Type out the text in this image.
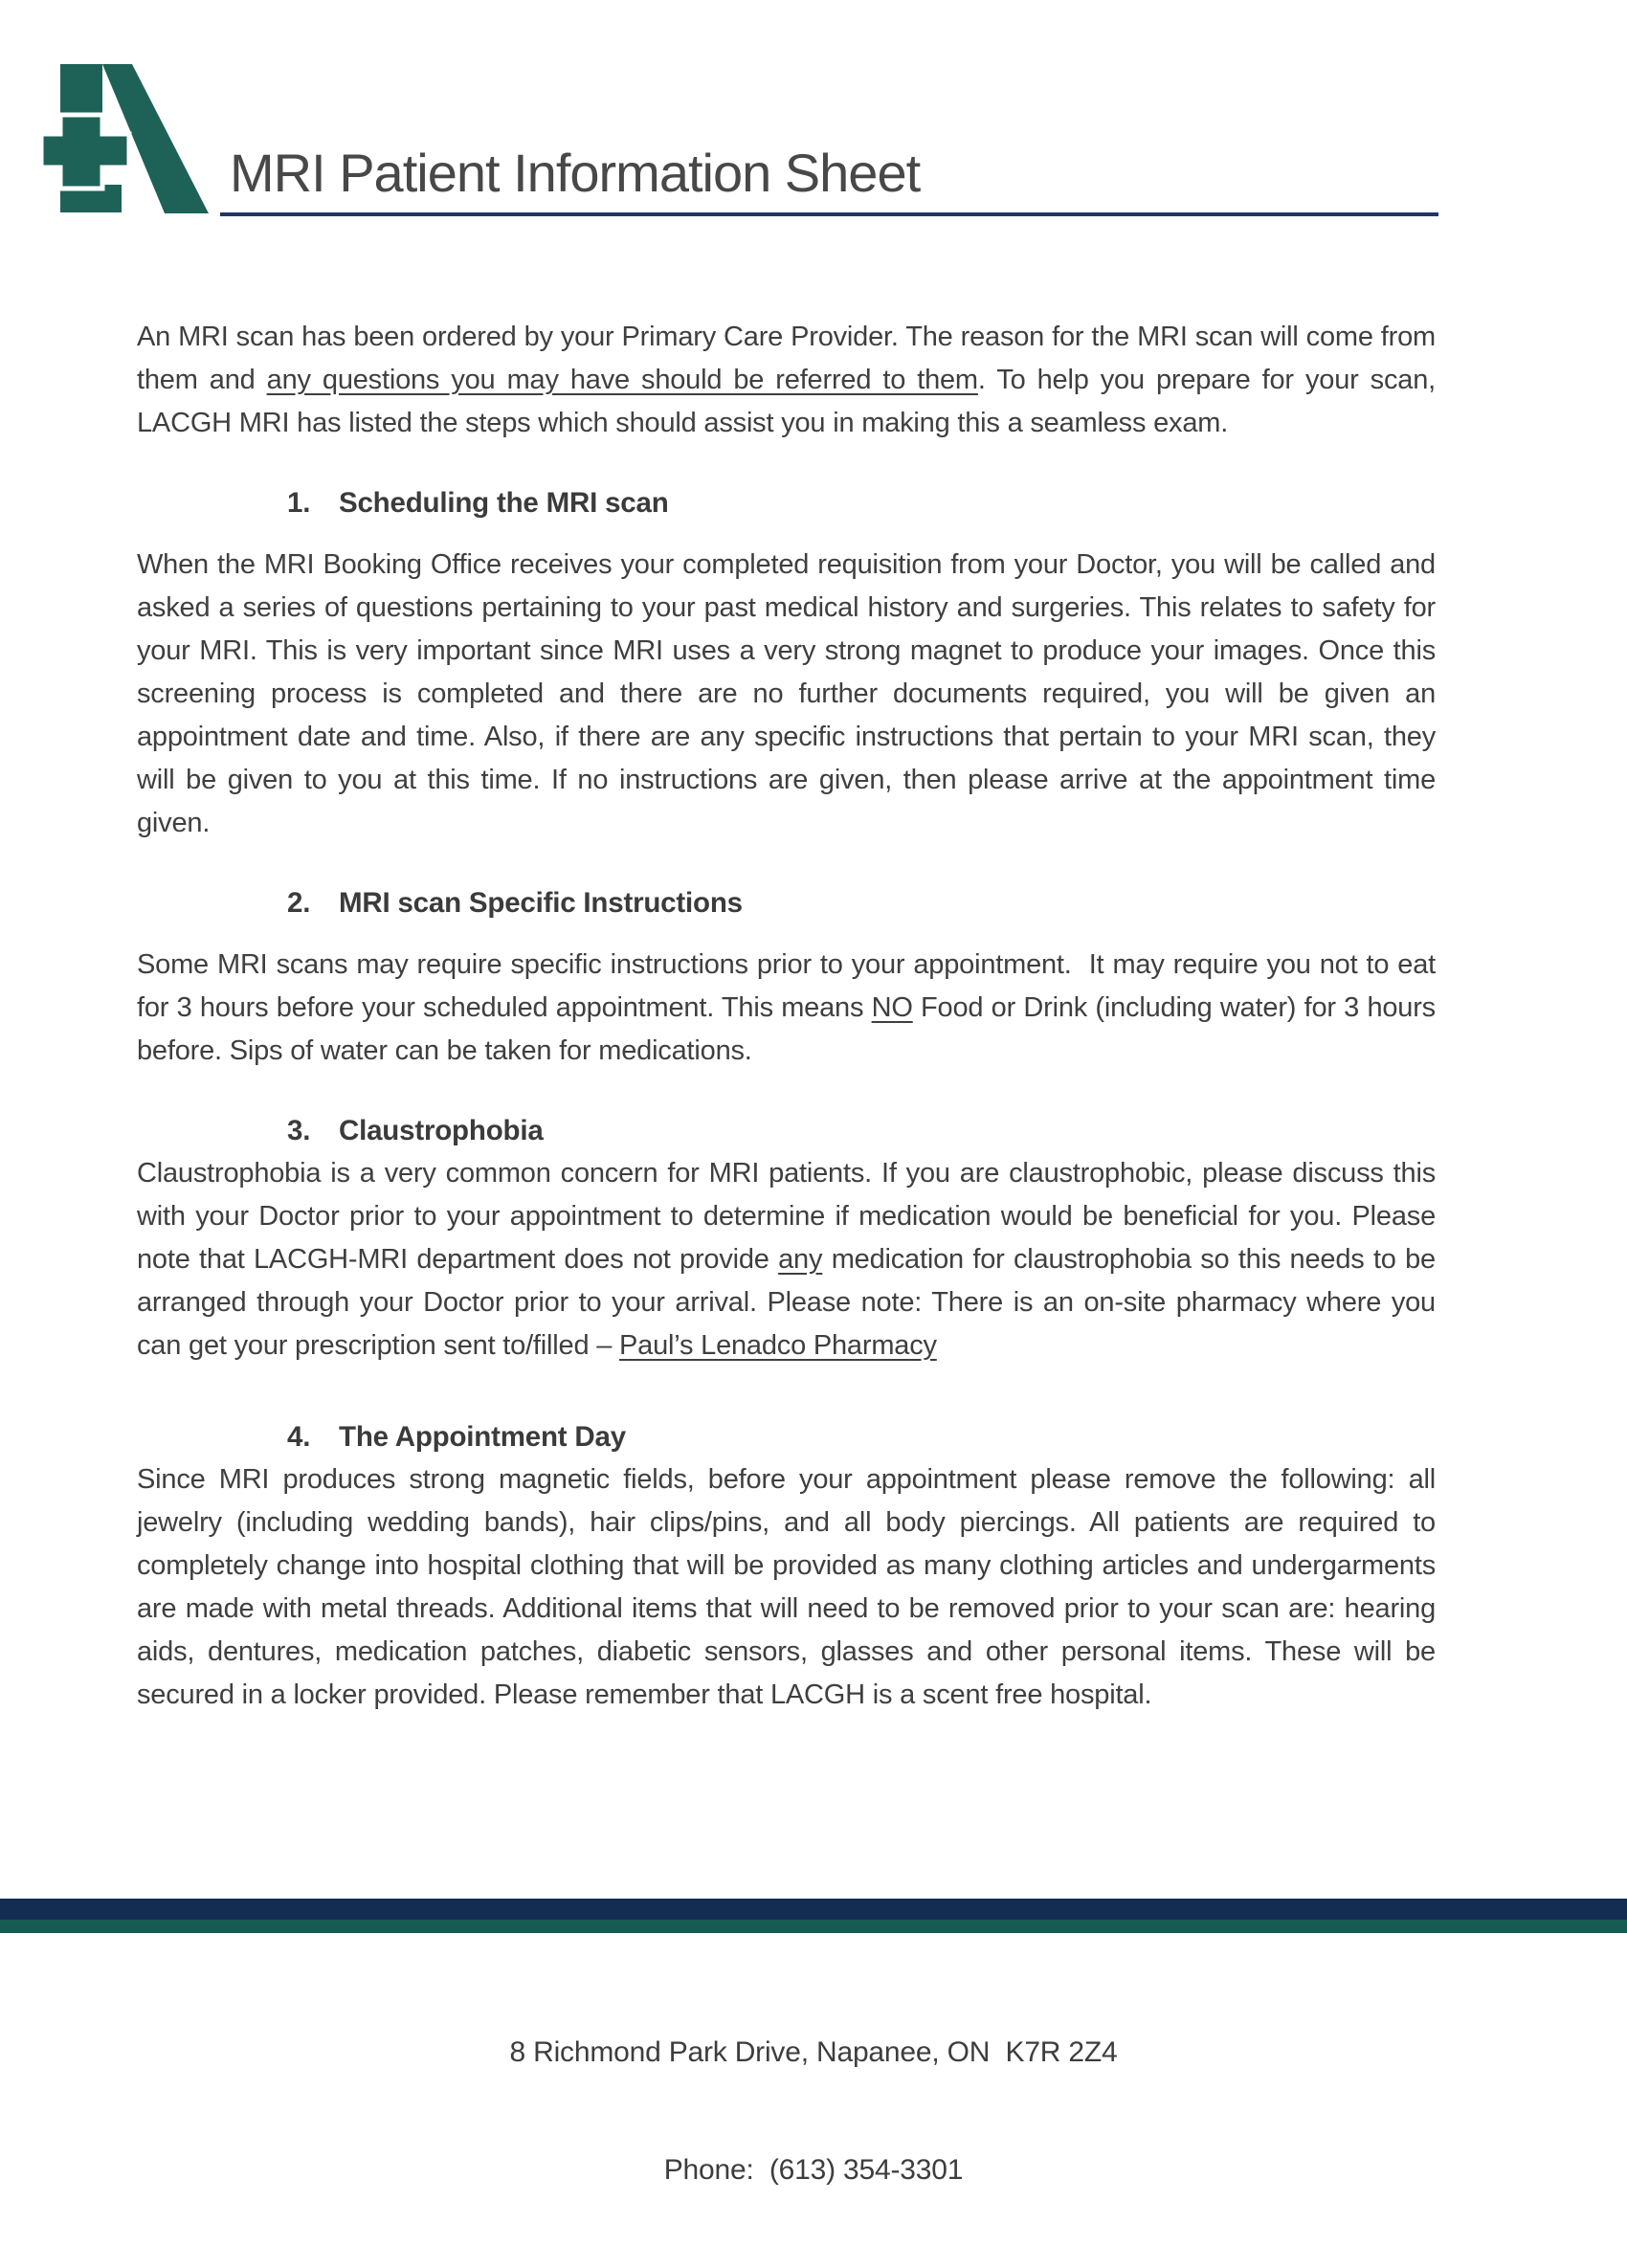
MRI Patient Information Sheet

An MRI scan has been ordered by your Primary Care Provider. The reason for the MRI scan will come from them and any questions you may have should be referred to them. To help you prepare for your scan, LACGH MRI has listed the steps which should assist you in making this a seamless exam.

1. Scheduling the MRI scan

When the MRI Booking Office receives your completed requisition from your Doctor, you will be called and asked a series of questions pertaining to your past medical history and surgeries. This relates to safety for your MRI. This is very important since MRI uses a very strong magnet to produce your images. Once this screening process is completed and there are no further documents required, you will be given an appointment date and time. Also, if there are any specific instructions that pertain to your MRI scan, they will be given to you at this time. If no instructions are given, then please arrive at the appointment time given.

2. MRI scan Specific Instructions

Some MRI scans may require specific instructions prior to your appointment.  It may require you not to eat for 3 hours before your scheduled appointment. This means NO Food or Drink (including water) for 3 hours before. Sips of water can be taken for medications.

3. Claustrophobia

Claustrophobia is a very common concern for MRI patients. If you are claustrophobic, please discuss this with your Doctor prior to your appointment to determine if medication would be beneficial for you. Please note that LACGH-MRI department does not provide any medication for claustrophobia so this needs to be arranged through your Doctor prior to your arrival. Please note: There is an on-site pharmacy where you can get your prescription sent to/filled – Paul’s Lenadco Pharmacy

4. The Appointment Day

Since MRI produces strong magnetic fields, before your appointment please remove the following: all jewelry (including wedding bands), hair clips/pins, and all body piercings. All patients are required to completely change into hospital clothing that will be provided as many clothing articles and undergarments are made with metal threads. Additional items that will need to be removed prior to your scan are: hearing aids, dentures, medication patches, diabetic sensors, glasses and other personal items. These will be secured in a locker provided. Please remember that LACGH is a scent free hospital.

8 Richmond Park Drive, Napanee, ON  K7R 2Z4

Phone:  (613) 354-3301
